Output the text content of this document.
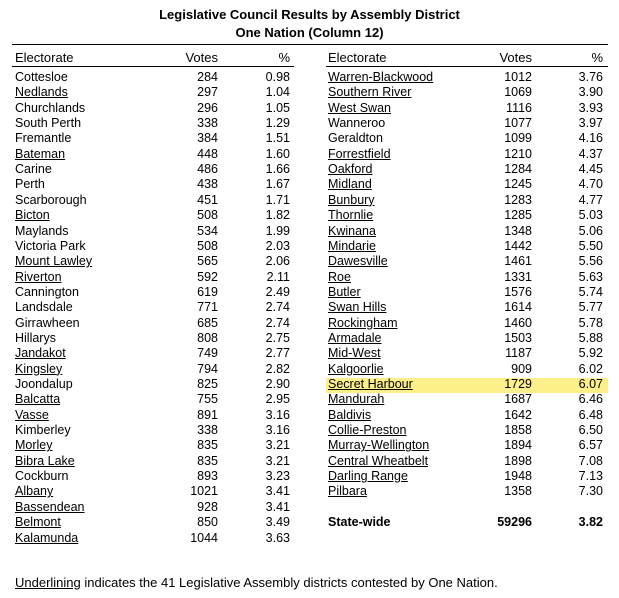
Legislative Council Results by Assembly District
One Nation (Column 12)
Electorate	Votes	%	Electorate	Votes	%
Cottesloe	284	0.98
Nedlands	297	1.04
Churchlands	296	1.05
South Perth	338	1.29
Fremantle	384	1.51
Bateman	448	1.60
Carine	486	1.66
Perth	438	1.67
Scarborough	451	1.71
Bicton	508	1.82
Maylands	534	1.99
Victoria Park	508	2.03
Mount Lawley	565	2.06
Riverton	592	2.11
Cannington	619	2.49
Landsdale	771	2.74
Girrawheen	685	2.74
Hillarys	808	2.75
Jandakot	749	2.77
Kingsley	794	2.82
Joondalup	825	2.90
Balcatta	755	2.95
Vasse	891	3.16
Kimberley	338	3.16
Morley	835	3.21
Bibra Lake	835	3.21
Cockburn	893	3.23
Albany	1021	3.41
Bassendean	928	3.41
Belmont	850	3.49
Kalamunda	1044	3.63
Warren-Blackwood	1012	3.76
Southern River	1069	3.90
West Swan	1116	3.93
Wanneroo	1077	3.97
Geraldton	1099	4.16
Forrestfield	1210	4.37
Oakford	1284	4.45
Midland	1245	4.70
Bunbury	1283	4.77
Thornlie	1285	5.03
Kwinana	1348	5.06
Mindarie	1442	5.50
Dawesville	1461	5.56
Roe	1331	5.63
Butler	1576	5.74
Swan Hills	1614	5.77
Rockingham	1460	5.78
Armadale	1503	5.88
Mid-West	1187	5.92
Kalgoorlie	909	6.02
Secret Harbour	1729	6.07
Mandurah	1687	6.46
Baldivis	1642	6.48
Collie-Preston	1858	6.50
Murray-Wellington	1894	6.57
Central Wheatbelt	1898	7.08
Darling Range	1948	7.13
Pilbara	1358	7.30
State-wide	59296	3.82
Underlining indicates the 41 Legislative Assembly districts contested by One Nation.
